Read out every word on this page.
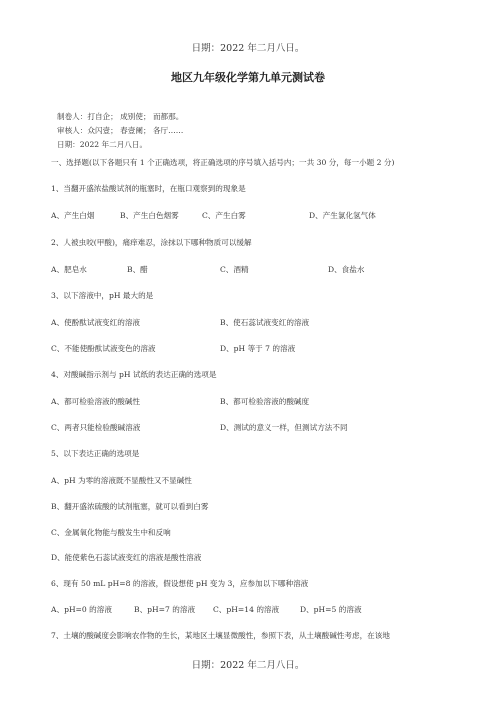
日期：2022 年二月八日。
地区九年级化学第九单元测试卷
制卷人：打自企； 成别使； 而都那。
审核人：众闪壹； 春壹阑； 各厅……
日期：2022 年二月八日。
一、选择题(以下各题只有 1 个正确选项，将正确选项的序号填入括号内；一共 30 分，每一小题 2 分)
1、当翻开盛浓盐酸试剂的瓶塞时，在瓶口观察到的现象是
A、产生白烟	B、产生白色烟雾	C、产生白雾	D、产生氯化氢气体
2、人被虫咬(甲酸)，痛痒难忍，涂抹以下哪种物质可以缓解
A、肥皂水	B、醋	C、酒精	D、食盐水
3、以下溶液中，pH 最大的是
A、使酚酞试液变红的溶液	B、使石蕊试液变红的溶液
C、不能使酚酞试液变色的溶液	D、pH 等于 7 的溶液
4、对酸碱指示剂与 pH 试纸的表达正确的选项是
A、都可检验溶液的酸碱性	B、都可检验溶液的酸碱度
C、两者只能检验酸碱溶液	D、测试的意义一样，但测试方法不同
5、以下表达正确的选项是
A、pH 为零的溶液既不显酸性又不显碱性
B、翻开盛浓硫酸的试剂瓶塞，就可以看到白雾
C、金属氧化物能与酸发生中和反响
D、能使紫色石蕊试液变红的溶液是酸性溶液
6、现有 50 mL pH=8 的溶液，假设想使 pH 变为 3，应参加以下哪种溶液
A、pH=0 的溶液	B、pH=7 的溶液 C、pH=14 的溶液	D、pH=5 的溶液
7、土壤的酸碱度会影响农作物的生长，某地区土壤显微酸性，参照下表，从土壤酸碱性考虑，在该地
日期：2022 年二月八日。
